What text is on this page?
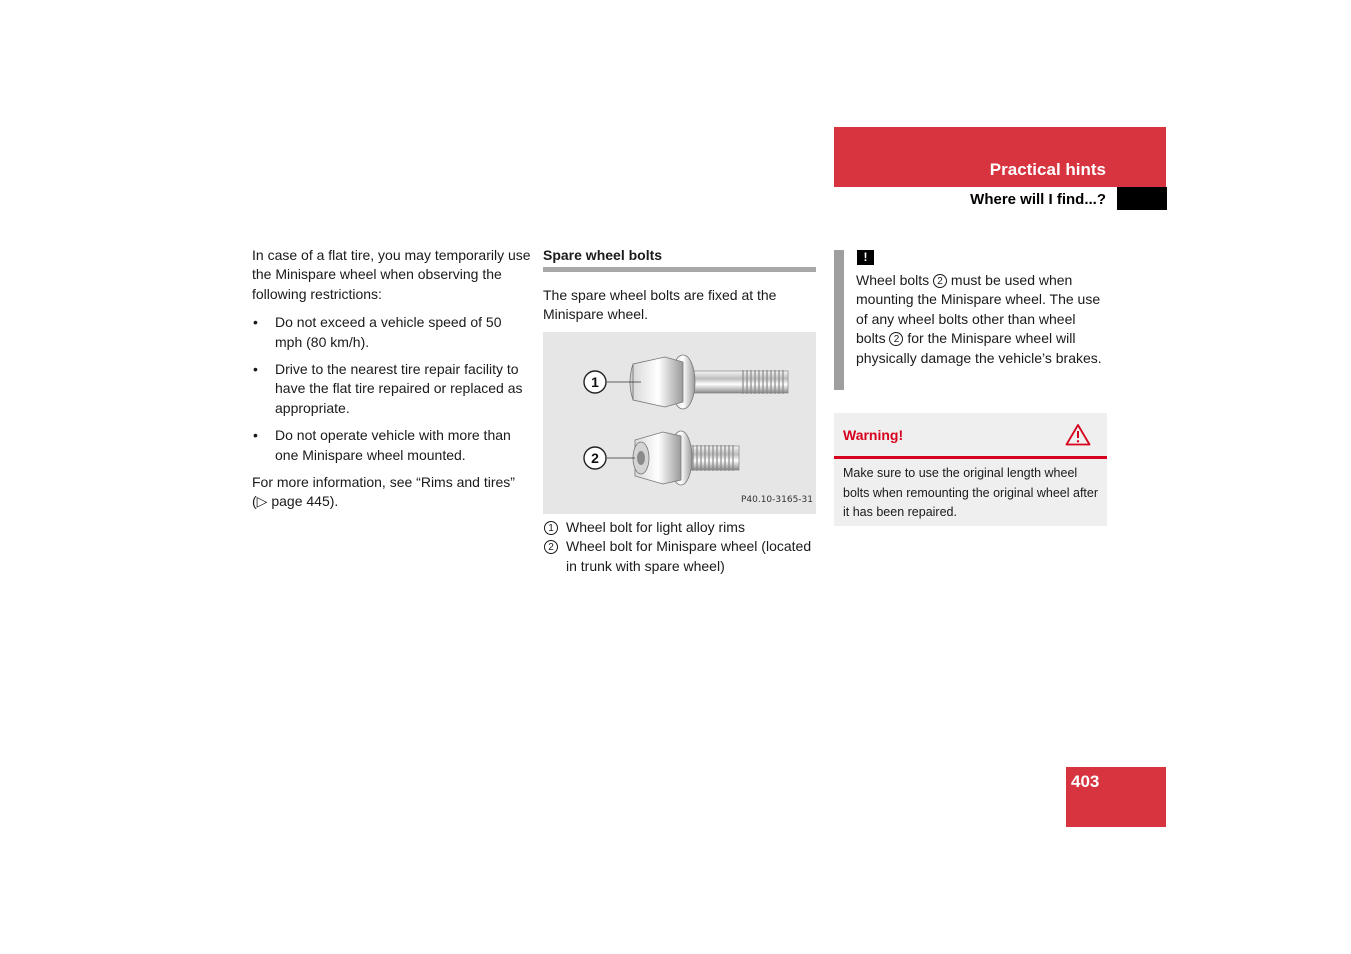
Practical hints
Where will I find...?

In case of a flat tire, you may temporarily use the Minispare wheel when observing the following restrictions:

• Do not exceed a vehicle speed of 50 mph (80 km/h).
• Drive to the nearest tire repair facility to have the flat tire repaired or replaced as appropriate.
• Do not operate vehicle with more than one Minispare wheel mounted.

For more information, see “Rims and tires” (▷ page 445).

Spare wheel bolts

The spare wheel bolts are fixed at the Minispare wheel.

1
2
P40.10-3165-31
1 Wheel bolt for light alloy rims
2 Wheel bolt for Minispare wheel (located in trunk with spare wheel)
!
Wheel bolts 2 must be used when mounting the Minispare wheel. The use of any wheel bolts other than wheel bolts 2 for the Minispare wheel will physically damage the vehicle’s brakes.
Warning!
Make sure to use the original length wheel bolts when remounting the original wheel after it has been repaired.
403
